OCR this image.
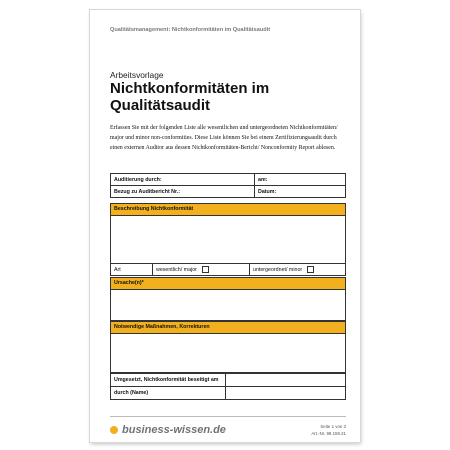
Qualitätsmanagement: Nichtkonformitäten im Qualitätsaudit
Arbeitsvorlage
Nichtkonformitäten im Qualitätsaudit
Erfassen Sie mit der folgenden Liste alle wesentlichen und untergeordneten Nichtkonformitäten/ major und minor non-conformities. Diese Liste können Sie bei einem Zertifizierungsaudit durch einen externen Auditor aus dessen Nichtkonformitäten-Bericht/ Nonconformity Report ablesen.
Auditierung durch:	am:
Bezug zu Auditbericht Nr.:	Datum:
Beschreibung Nichtkonformität
Art	wesentlich/ major	untergeordnet/ minor
Ursache(n)*
Notwendige Maßnahmen, Korrekturen
Umgesetzt, Nichtkonformität beseitigt am	
durch (Name)	
business-wissen.de	Seite 1 von 3
Art.-Nr. 99.159.21
